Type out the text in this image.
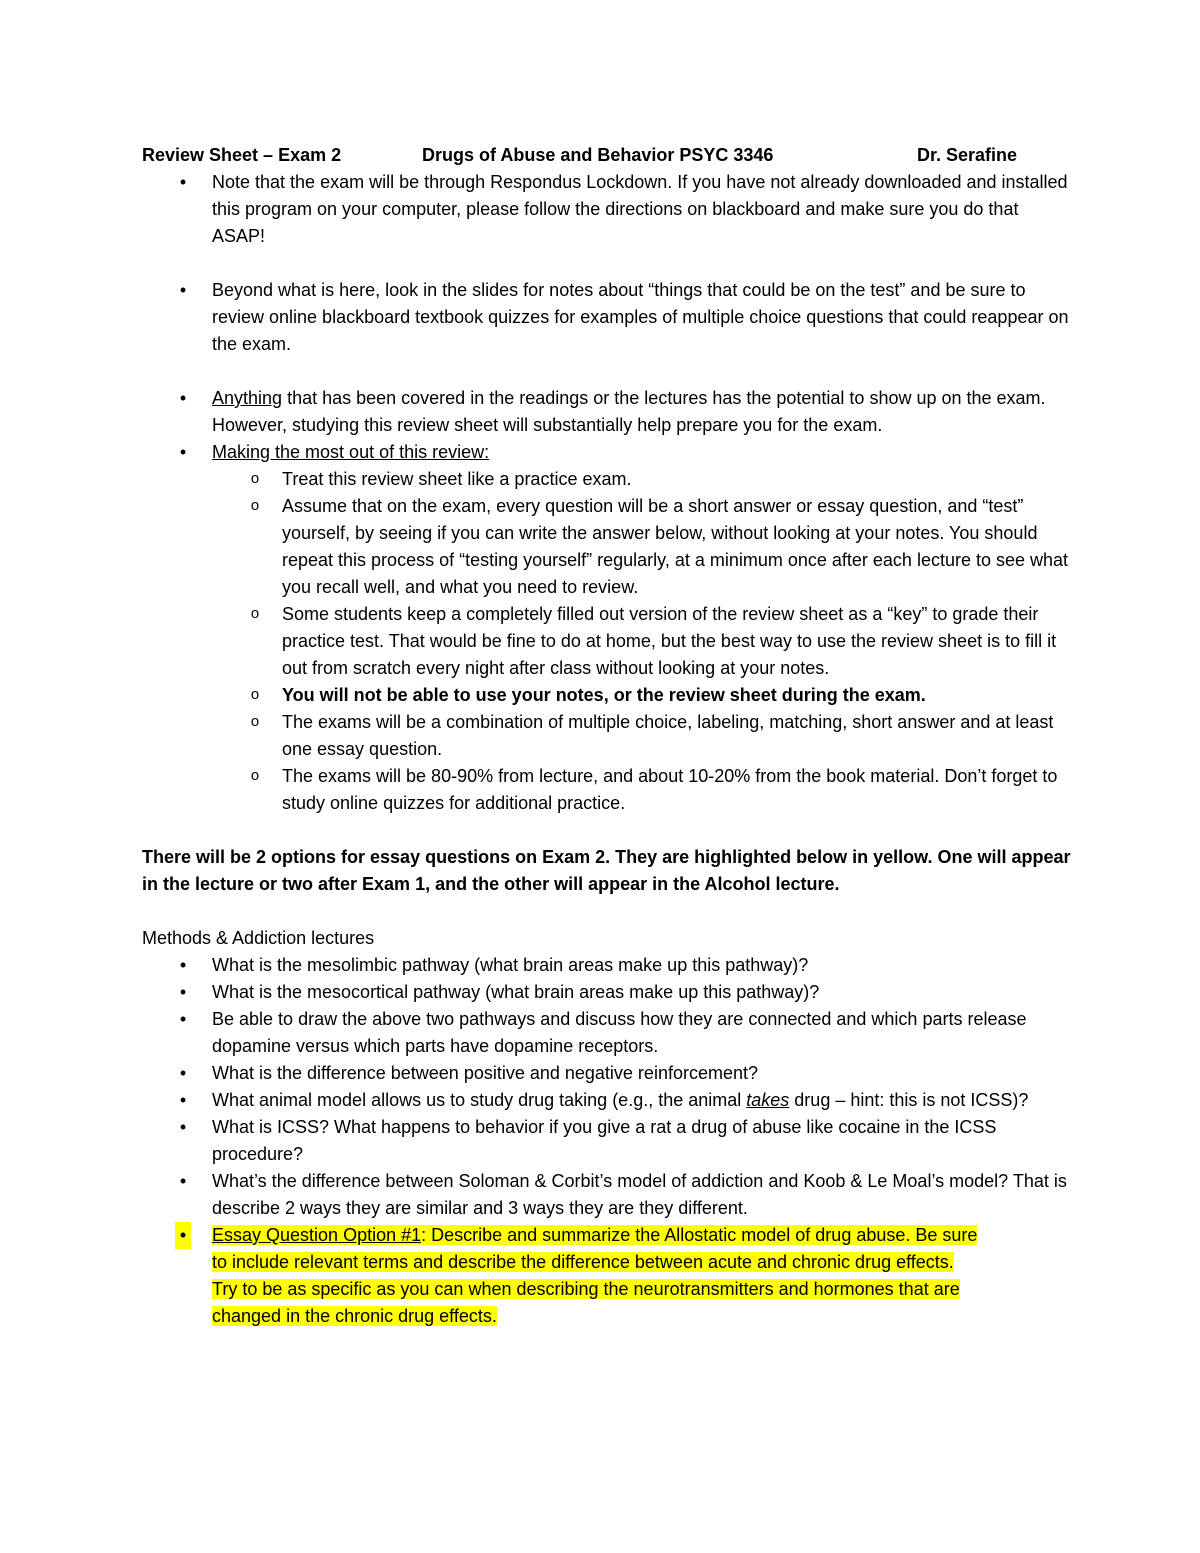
Review Sheet – Exam 2	Drugs of Abuse and Behavior PSYC 3346	Dr. Serafine
• Note that the exam will be through Respondus Lockdown. If you have not already downloaded and installed this program on your computer, please follow the directions on blackboard and make sure you do that ASAP!
• Beyond what is here, look in the slides for notes about “things that could be on the test” and be sure to review online blackboard textbook quizzes for examples of multiple choice questions that could reappear on the exam.
• Anything that has been covered in the readings or the lectures has the potential to show up on the exam. However, studying this review sheet will substantially help prepare you for the exam.
• Making the most out of this review:
o Treat this review sheet like a practice exam.
o Assume that on the exam, every question will be a short answer or essay question, and “test” yourself, by seeing if you can write the answer below, without looking at your notes. You should repeat this process of “testing yourself” regularly, at a minimum once after each lecture to see what you recall well, and what you need to review.
o Some students keep a completely filled out version of the review sheet as a “key” to grade their practice test. That would be fine to do at home, but the best way to use the review sheet is to fill it out from scratch every night after class without looking at your notes.
o You will not be able to use your notes, or the review sheet during the exam.
o The exams will be a combination of multiple choice, labeling, matching, short answer and at least one essay question.
o The exams will be 80-90% from lecture, and about 10-20% from the book material. Don’t forget to study online quizzes for additional practice.

There will be 2 options for essay questions on Exam 2. They are highlighted below in yellow. One will appear in the lecture or two after Exam 1, and the other will appear in the Alcohol lecture.

Methods & Addiction lectures

• What is the mesolimbic pathway (what brain areas make up this pathway)?
• What is the mesocortical pathway (what brain areas make up this pathway)?
• Be able to draw the above two pathways and discuss how they are connected and which parts release dopamine versus which parts have dopamine receptors.
• What is the difference between positive and negative reinforcement?
• What animal model allows us to study drug taking (e.g., the animal takes drug – hint: this is not ICSS)?
• What is ICSS? What happens to behavior if you give a rat a drug of abuse like cocaine in the ICSS procedure?
• What’s the difference between Soloman & Corbit’s model of addiction and Koob & Le Moal’s model? That is describe 2 ways they are similar and 3 ways they are they different.
• Essay Question Option #1: Describe and summarize the Allostatic model of drug abuse. Be sure
to include relevant terms and describe the difference between acute and chronic drug effects.
Try to be as specific as you can when describing the neurotransmitters and hormones that are
changed in the chronic drug effects.
